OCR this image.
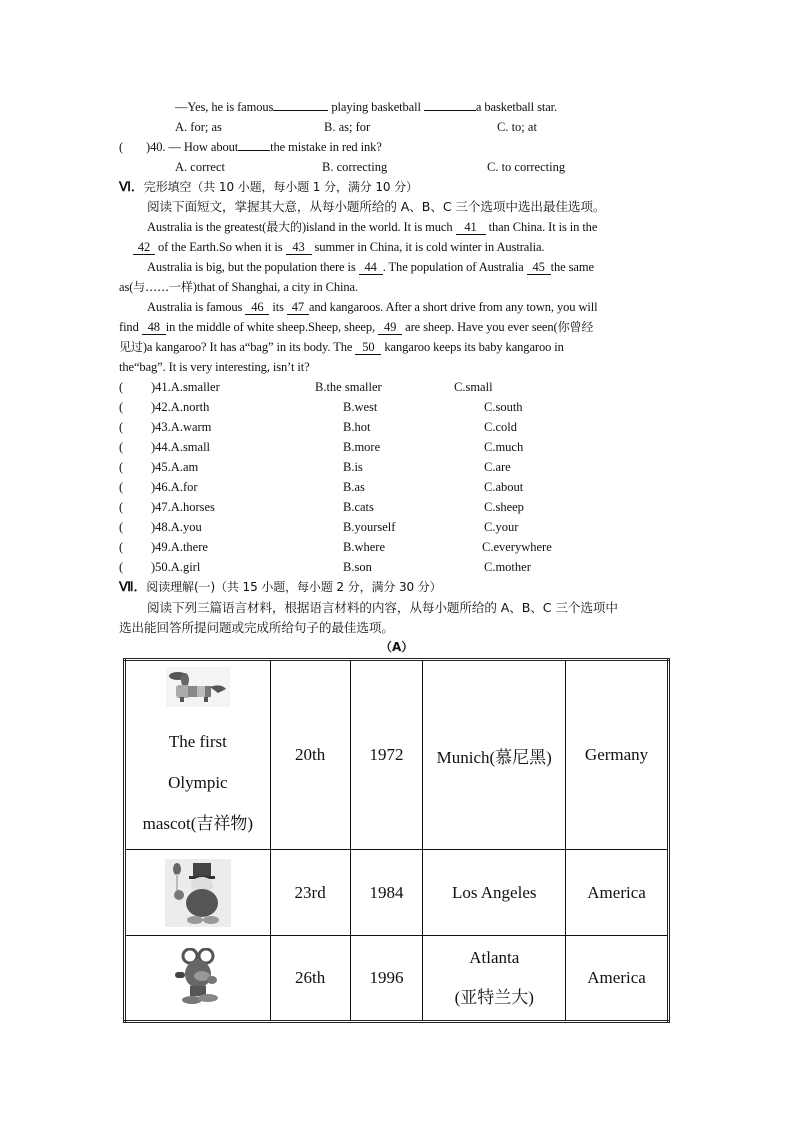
—Yes, he is famous	playing basketball	a basketball star.
A. for; as	B. as; for	C. to; at
( )40. — How about	the mistake in red ink?
A. correct	B. correcting	C. to correcting
Ⅵ．完形填空（共 10 小题，每小题 1 分，满分 10 分）
阅读下面短文，掌握其大意，从每小题所给的 A、B、C 三个选项中选出最佳选项。
Australia is the greatest(最大的)island in the world. It is much 41 than China. It is in the
42 of the Earth.So when it is 43 summer in China, it is cold winter in Australia.
Australia is big, but the population there is 44 . The population of Australia 45 the same
as(与……一样)that of Shanghai, a city in China.
Australia is famous 46 its 47 and kangaroos. After a short drive from any town, you will
find 48 in the middle of white sheep.Sheep, sheep, 49 are sheep. Have you ever seen(你曾经
见过)a kangaroo? It has a“bag” in its body. The 50 kangaroo keeps its baby kangaroo in
the“bag”. It is very interesting, isn’t it?
( )41.A.smaller	B.the smaller	C.small
( )42.A.north	B.west	C.south
( )43.A.warm	B.hot	C.cold
( )44.A.small	B.more	C.much
( )45.A.am	B.is	C.are
( )46.A.for	B.as	C.about
( )47.A.horses	B.cats	C.sheep
( )48.A.you	B.yourself	C.your
( )49.A.there	B.where	C.everywhere
( )50.A.girl	B.son	C.mother
Ⅶ．阅读理解(一)（共 15 小题，每小题 2 分，满分 30 分）
阅读下列三篇语言材料，根据语言材料的内容，从每小题所给的 A、B、C 三个选项中
选出能回答所提问题或完成所给句子的最佳选项。
（A）
The first
Olympic
mascot(吉祥物)	20th	1972	Munich(慕尼黑)	Germany

	23rd	1984	Los Angeles	America

	26th	1996	Atlanta
(亚特兰大)	America
